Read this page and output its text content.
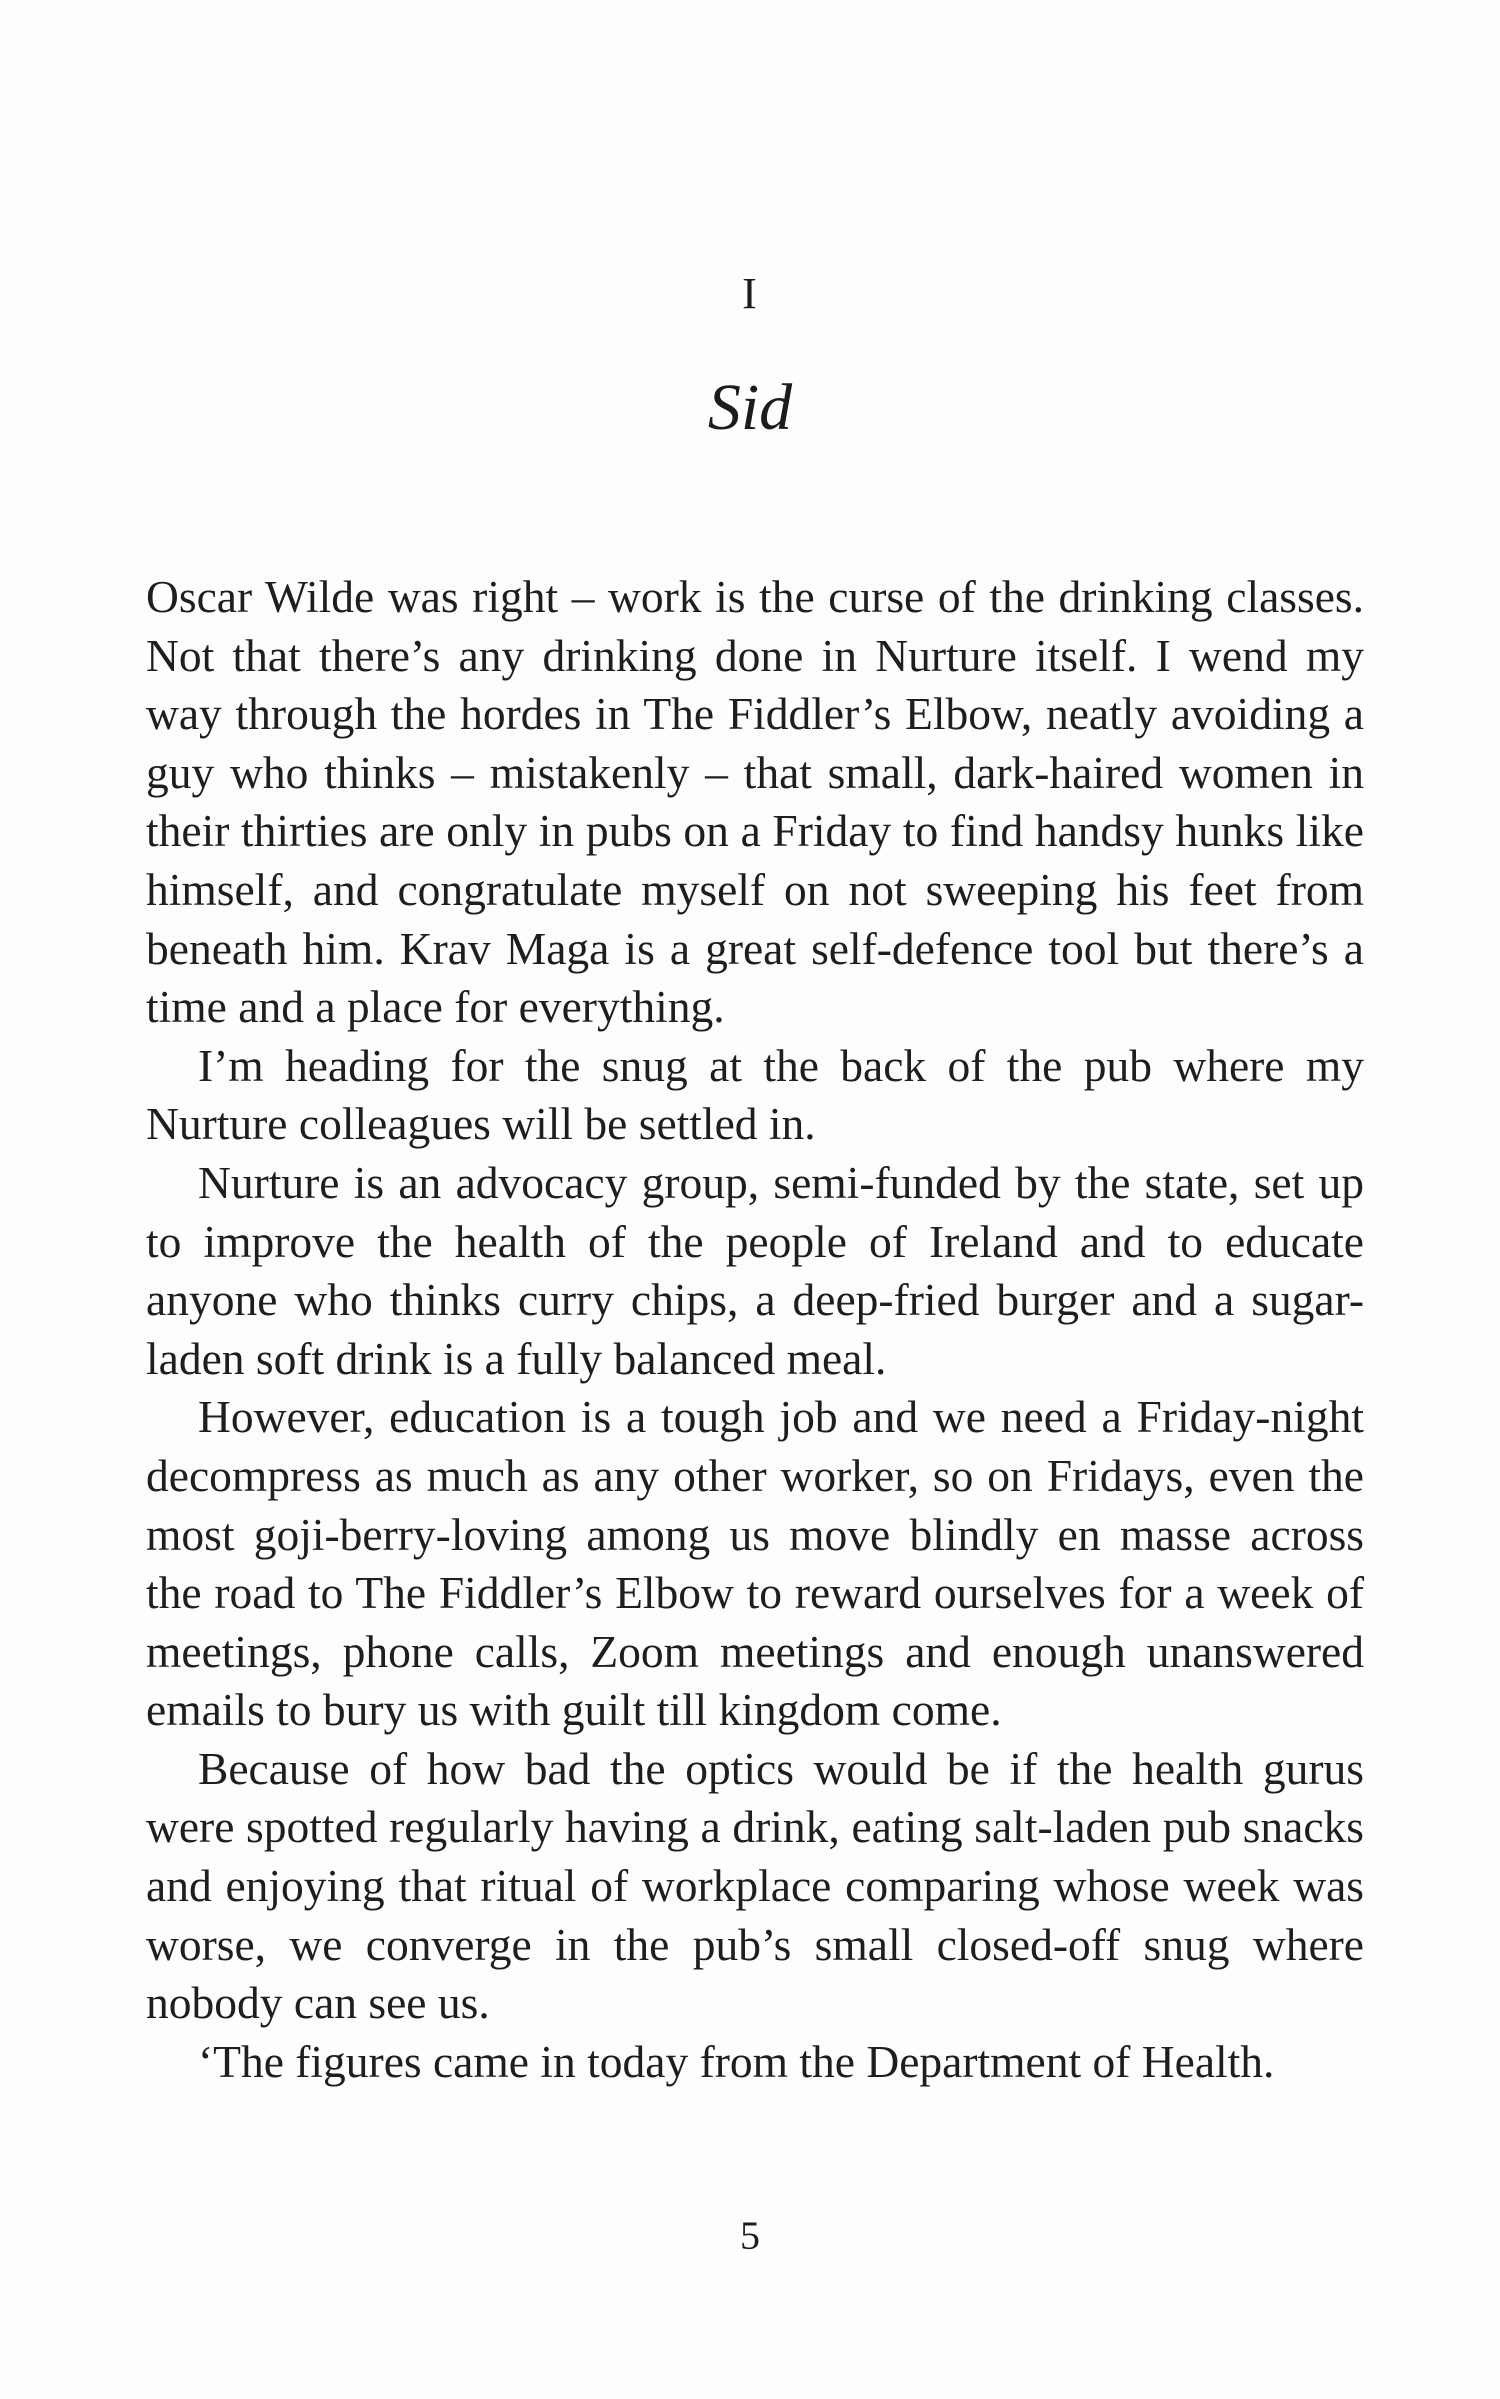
I
Sid

Oscar Wilde was right – work is the curse of the drinking classes. Not that there’s any drinking done in Nurture itself. I wend my way through the hordes in The Fiddler’s Elbow, neatly avoiding a guy who thinks – mistakenly – that small, dark-haired women in their thirties are only in pubs on a Friday to find handsy hunks like himself, and congratulate myself on not sweeping his feet from beneath him. Krav Maga is a great self-defence tool but there’s a time and a place for everything.

I’m heading for the snug at the back of the pub where my Nurture colleagues will be settled in.

Nurture is an advocacy group, semi-funded by the state, set up to improve the health of the people of Ireland and to educate anyone who thinks curry chips, a deep-fried burger and a sugar-laden soft drink is a fully balanced meal.

However, education is a tough job and we need a Friday-night decompress as much as any other worker, so on Fridays, even the most goji-berry-loving among us move blindly en masse across the road to The Fiddler’s Elbow to reward ourselves for a week of meetings, phone calls, Zoom meetings and enough unanswered emails to bury us with guilt till kingdom come.

Because of how bad the optics would be if the health gurus were spotted regularly having a drink, eating salt-laden pub snacks and enjoying that ritual of workplace comparing whose week was worse, we converge in the pub’s small closed-off snug where nobody can see us.

‘The figures came in today from the Department of Health.

5
